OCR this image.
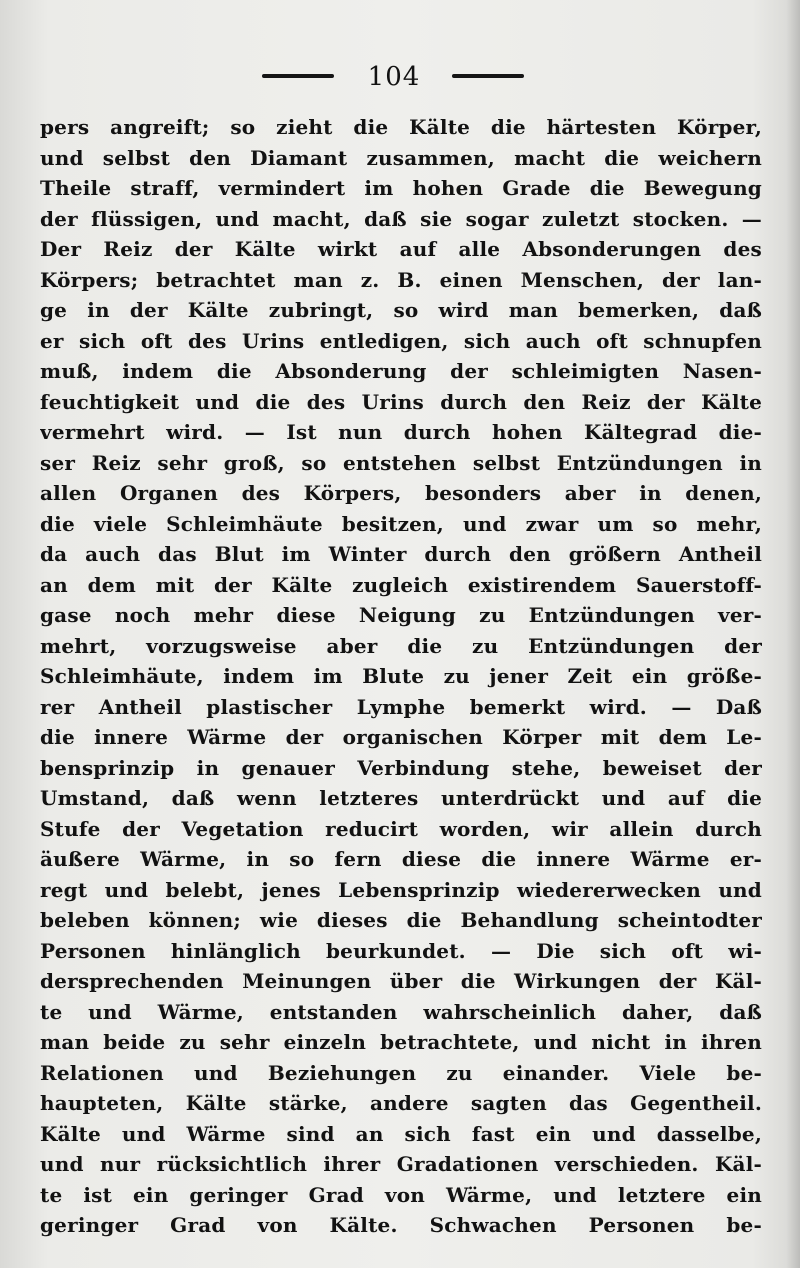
104
pers angreift; so zieht die Kälte die härtesten Körper,
und selbst den Diamant zusammen, macht die weichern
Theile straff, vermindert im hohen Grade die Bewegung
der flüssigen, und macht, daß sie sogar zuletzt stocken. —
Der Reiz der Kälte wirkt auf alle Absonderungen des
Körpers; betrachtet man z. B. einen Menschen, der lan-
ge in der Kälte zubringt, so wird man bemerken, daß
er sich oft des Urins entledigen, sich auch oft schnupfen
muß, indem die Absonderung der schleimigten Nasen-
feuchtigkeit und die des Urins durch den Reiz der Kälte
vermehrt wird. — Ist nun durch hohen Kältegrad die-
ser Reiz sehr groß, so entstehen selbst Entzündungen in
allen Organen des Körpers, besonders aber in denen,
die viele Schleimhäute besitzen, und zwar um so mehr,
da auch das Blut im Winter durch den größern Antheil
an dem mit der Kälte zugleich existirendem Sauerstoff-
gase noch mehr diese Neigung zu Entzündungen ver-
mehrt, vorzugsweise aber die zu Entzündungen der
Schleimhäute, indem im Blute zu jener Zeit ein größe-
rer Antheil plastischer Lymphe bemerkt wird. — Daß
die innere Wärme der organischen Körper mit dem Le-
bensprinzip in genauer Verbindung stehe, beweiset der
Umstand, daß wenn letzteres unterdrückt und auf die
Stufe der Vegetation reducirt worden, wir allein durch
äußere Wärme, in so fern diese die innere Wärme er-
regt und belebt, jenes Lebensprinzip wiedererwecken und
beleben können; wie dieses die Behandlung scheintodter
Personen hinlänglich beurkundet. — Die sich oft wi-
dersprechenden Meinungen über die Wirkungen der Käl-
te und Wärme, entstanden wahrscheinlich daher, daß
man beide zu sehr einzeln betrachtete, und nicht in ihren
Relationen und Beziehungen zu einander. Viele be-
haupteten, Kälte stärke, andere sagten das Gegentheil.
Kälte und Wärme sind an sich fast ein und dasselbe,
und nur rücksichtlich ihrer Gradationen verschieden. Käl-
te ist ein geringer Grad von Wärme, und letztere ein
geringer Grad von Kälte. Schwachen Personen be-
